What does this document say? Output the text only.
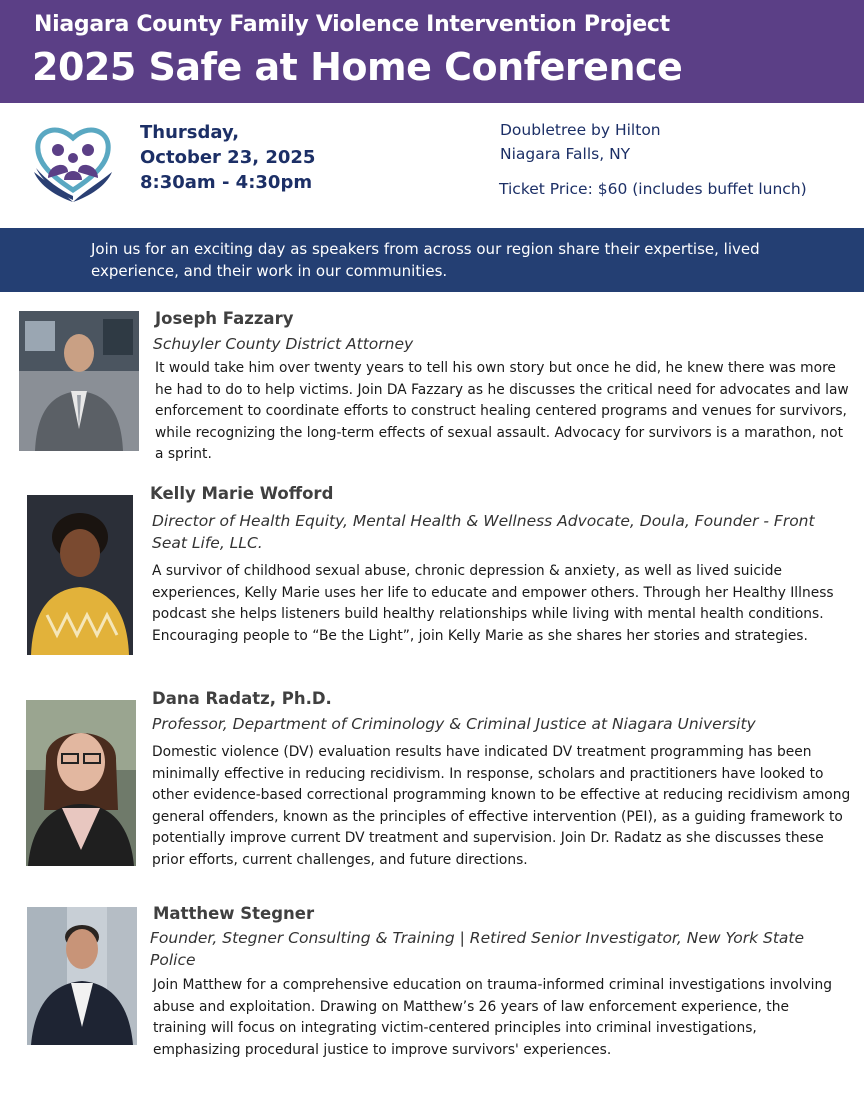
Niagara County Family Violence Intervention Project
2025 Safe at Home Conference
Thursday,
October 23, 2025
8:30am - 4:30pm
Doubletree by Hilton
Niagara Falls, NY
Ticket Price: $60 (includes buffet lunch)
Join us for an exciting day as speakers from across our region share their expertise, lived experience, and their work in our communities.
Joseph Fazzary
Schuyler County District Attorney
It would take him over twenty years to tell his own story but once he did, he knew there was more he had to do to help victims. Join DA Fazzary as he discusses the critical need for advocates and law enforcement to coordinate efforts to construct healing centered programs and venues for survivors, while recognizing the long-term effects of sexual assault. Advocacy for survivors is a marathon, not a sprint.
Kelly Marie Wofford
Director of Health Equity, Mental Health & Wellness Advocate, Doula, Founder - Front Seat Life, LLC.
A survivor of childhood sexual abuse, chronic depression & anxiety, as well as lived suicide experiences, Kelly Marie uses her life to educate and empower others. Through her Healthy Illness podcast she helps listeners build healthy relationships while living with mental health conditions. Encouraging people to “Be the Light”, join Kelly Marie as she shares her stories and strategies.
Dana Radatz, Ph.D.
Professor, Department of Criminology & Criminal Justice at Niagara University
Domestic violence (DV) evaluation results have indicated DV treatment programming has been minimally effective in reducing recidivism. In response, scholars and practitioners have looked to other evidence-based correctional programming known to be effective at reducing recidivism among general offenders, known as the principles of effective intervention (PEI), as a guiding framework to potentially improve current DV treatment and supervision. Join Dr. Radatz as she discusses these prior efforts, current challenges, and future directions.
Matthew Stegner
Founder, Stegner Consulting & Training | Retired Senior Investigator, New York State Police
Join Matthew for a comprehensive education on trauma-informed criminal investigations involving abuse and exploitation. Drawing on Matthew’s 26 years of law enforcement experience, the training will focus on integrating victim-centered principles into criminal investigations, emphasizing procedural justice to improve survivors' experiences.
